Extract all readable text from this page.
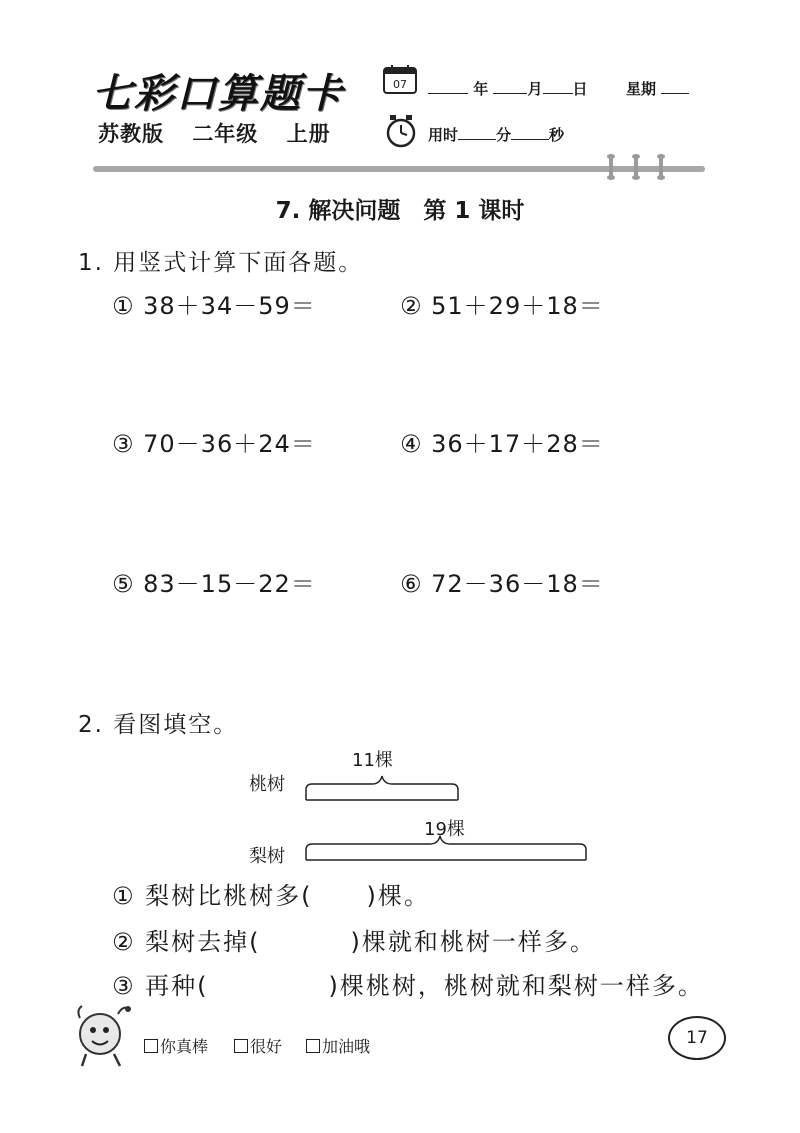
七彩口算题卡
苏教版 二年级 上册
07	年	月 日	星期
用时	分	秒
7. 解决问题　第 1 课时
1. 用竖式计算下面各题。
① 38＋34－59＝	② 51＋29＋18＝
③ 70－36＋24＝	④ 36＋17＋28＝
⑤ 83－15－22＝	⑥ 72－36－18＝
2. 看图填空。
11棵
桃树
19棵
梨树
① 梨树比桃树多( )棵。
② 梨树去掉(	)棵就和桃树一样多。
③ 再种(	)棵桃树，桃树就和梨树一样多。
你真棒	很好	加油哦	17
